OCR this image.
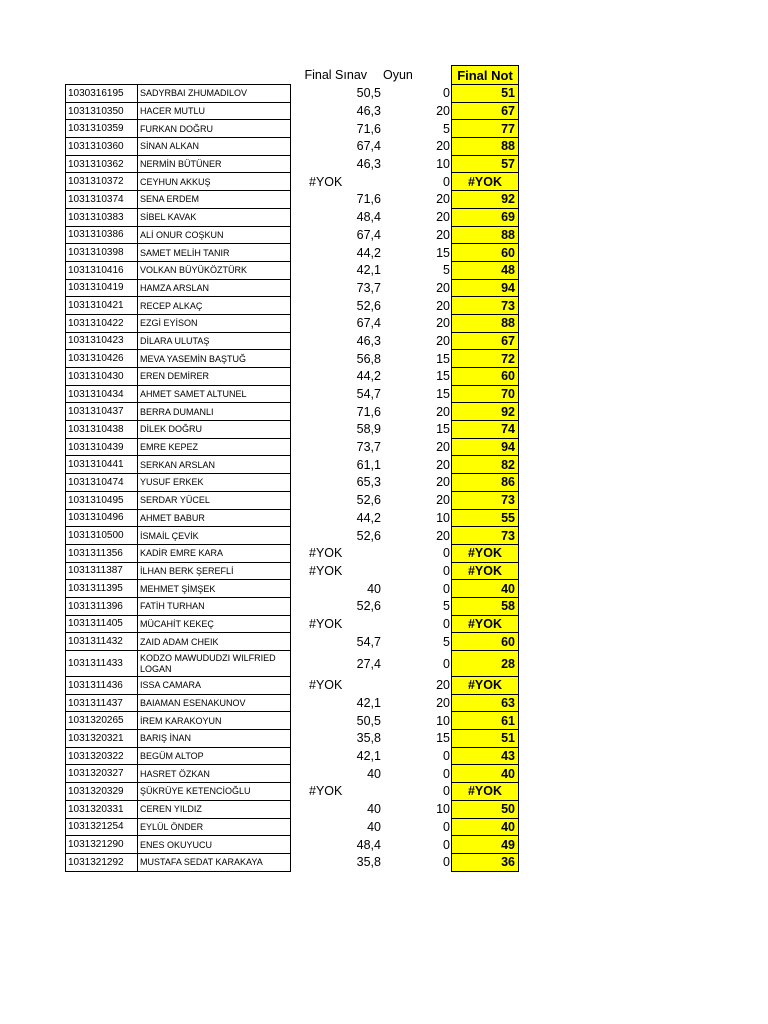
		Final Sınav	Oyun	Final Not
1030316195	SADYRBAI ZHUMADILOV	50,5	0	51
1031310350	HACER MUTLU	46,3	20	67
1031310359	FURKAN DOĞRU	71,6	5	77
1031310360	SİNAN ALKAN	67,4	20	88
1031310362	NERMİN BÜTÜNER	46,3	10	57
1031310372	CEYHUN AKKUŞ	#YOK	0	#YOK
1031310374	SENA ERDEM	71,6	20	92
1031310383	SİBEL KAVAK	48,4	20	69
1031310386	ALİ ONUR COŞKUN	67,4	20	88
1031310398	SAMET MELİH TANIR	44,2	15	60
1031310416	VOLKAN BÜYÜKÖZTÜRK	42,1	5	48
1031310419	HAMZA ARSLAN	73,7	20	94
1031310421	RECEP ALKAÇ	52,6	20	73
1031310422	EZGİ EYİSON	67,4	20	88
1031310423	DİLARA ULUTAŞ	46,3	20	67
1031310426	MEVA YASEMİN BAŞTUĞ	56,8	15	72
1031310430	EREN DEMİRER	44,2	15	60
1031310434	AHMET SAMET ALTUNEL	54,7	15	70
1031310437	BERRA DUMANLI	71,6	20	92
1031310438	DİLEK DOĞRU	58,9	15	74
1031310439	EMRE KEPEZ	73,7	20	94
1031310441	SERKAN ARSLAN	61,1	20	82
1031310474	YUSUF ERKEK	65,3	20	86
1031310495	SERDAR YÜCEL	52,6	20	73
1031310496	AHMET BABUR	44,2	10	55
1031310500	İSMAİL ÇEVİK	52,6	20	73
1031311356	KADİR EMRE KARA	#YOK	0	#YOK
1031311387	İLHAN BERK ŞEREFLİ	#YOK	0	#YOK
1031311395	MEHMET ŞİMŞEK	40	0	40
1031311396	FATİH TURHAN	52,6	5	58
1031311405	MÜCAHİT KEKEÇ	#YOK	0	#YOK
1031311432	ZAID ADAM CHEIK	54,7	5	60
1031311433	KODZO MAWUDUDZI WILFRIED LOGAN	27,4	0	28
1031311436	ISSA CAMARA	#YOK	20	#YOK
1031311437	BAIAMAN ESENAKUNOV	42,1	20	63
1031320265	İREM KARAKOYUN	50,5	10	61
1031320321	BARIŞ İNAN	35,8	15	51
1031320322	BEGÜM ALTOP	42,1	0	43
1031320327	HASRET ÖZKAN	40	0	40
1031320329	ŞÜKRÜYE KETENCİOĞLU	#YOK	0	#YOK
1031320331	CEREN YILDIZ	40	10	50
1031321254	EYLÜL ÖNDER	40	0	40
1031321290	ENES OKUYUCU	48,4	0	49
1031321292	MUSTAFA SEDAT KARAKAYA	35,8	0	36
